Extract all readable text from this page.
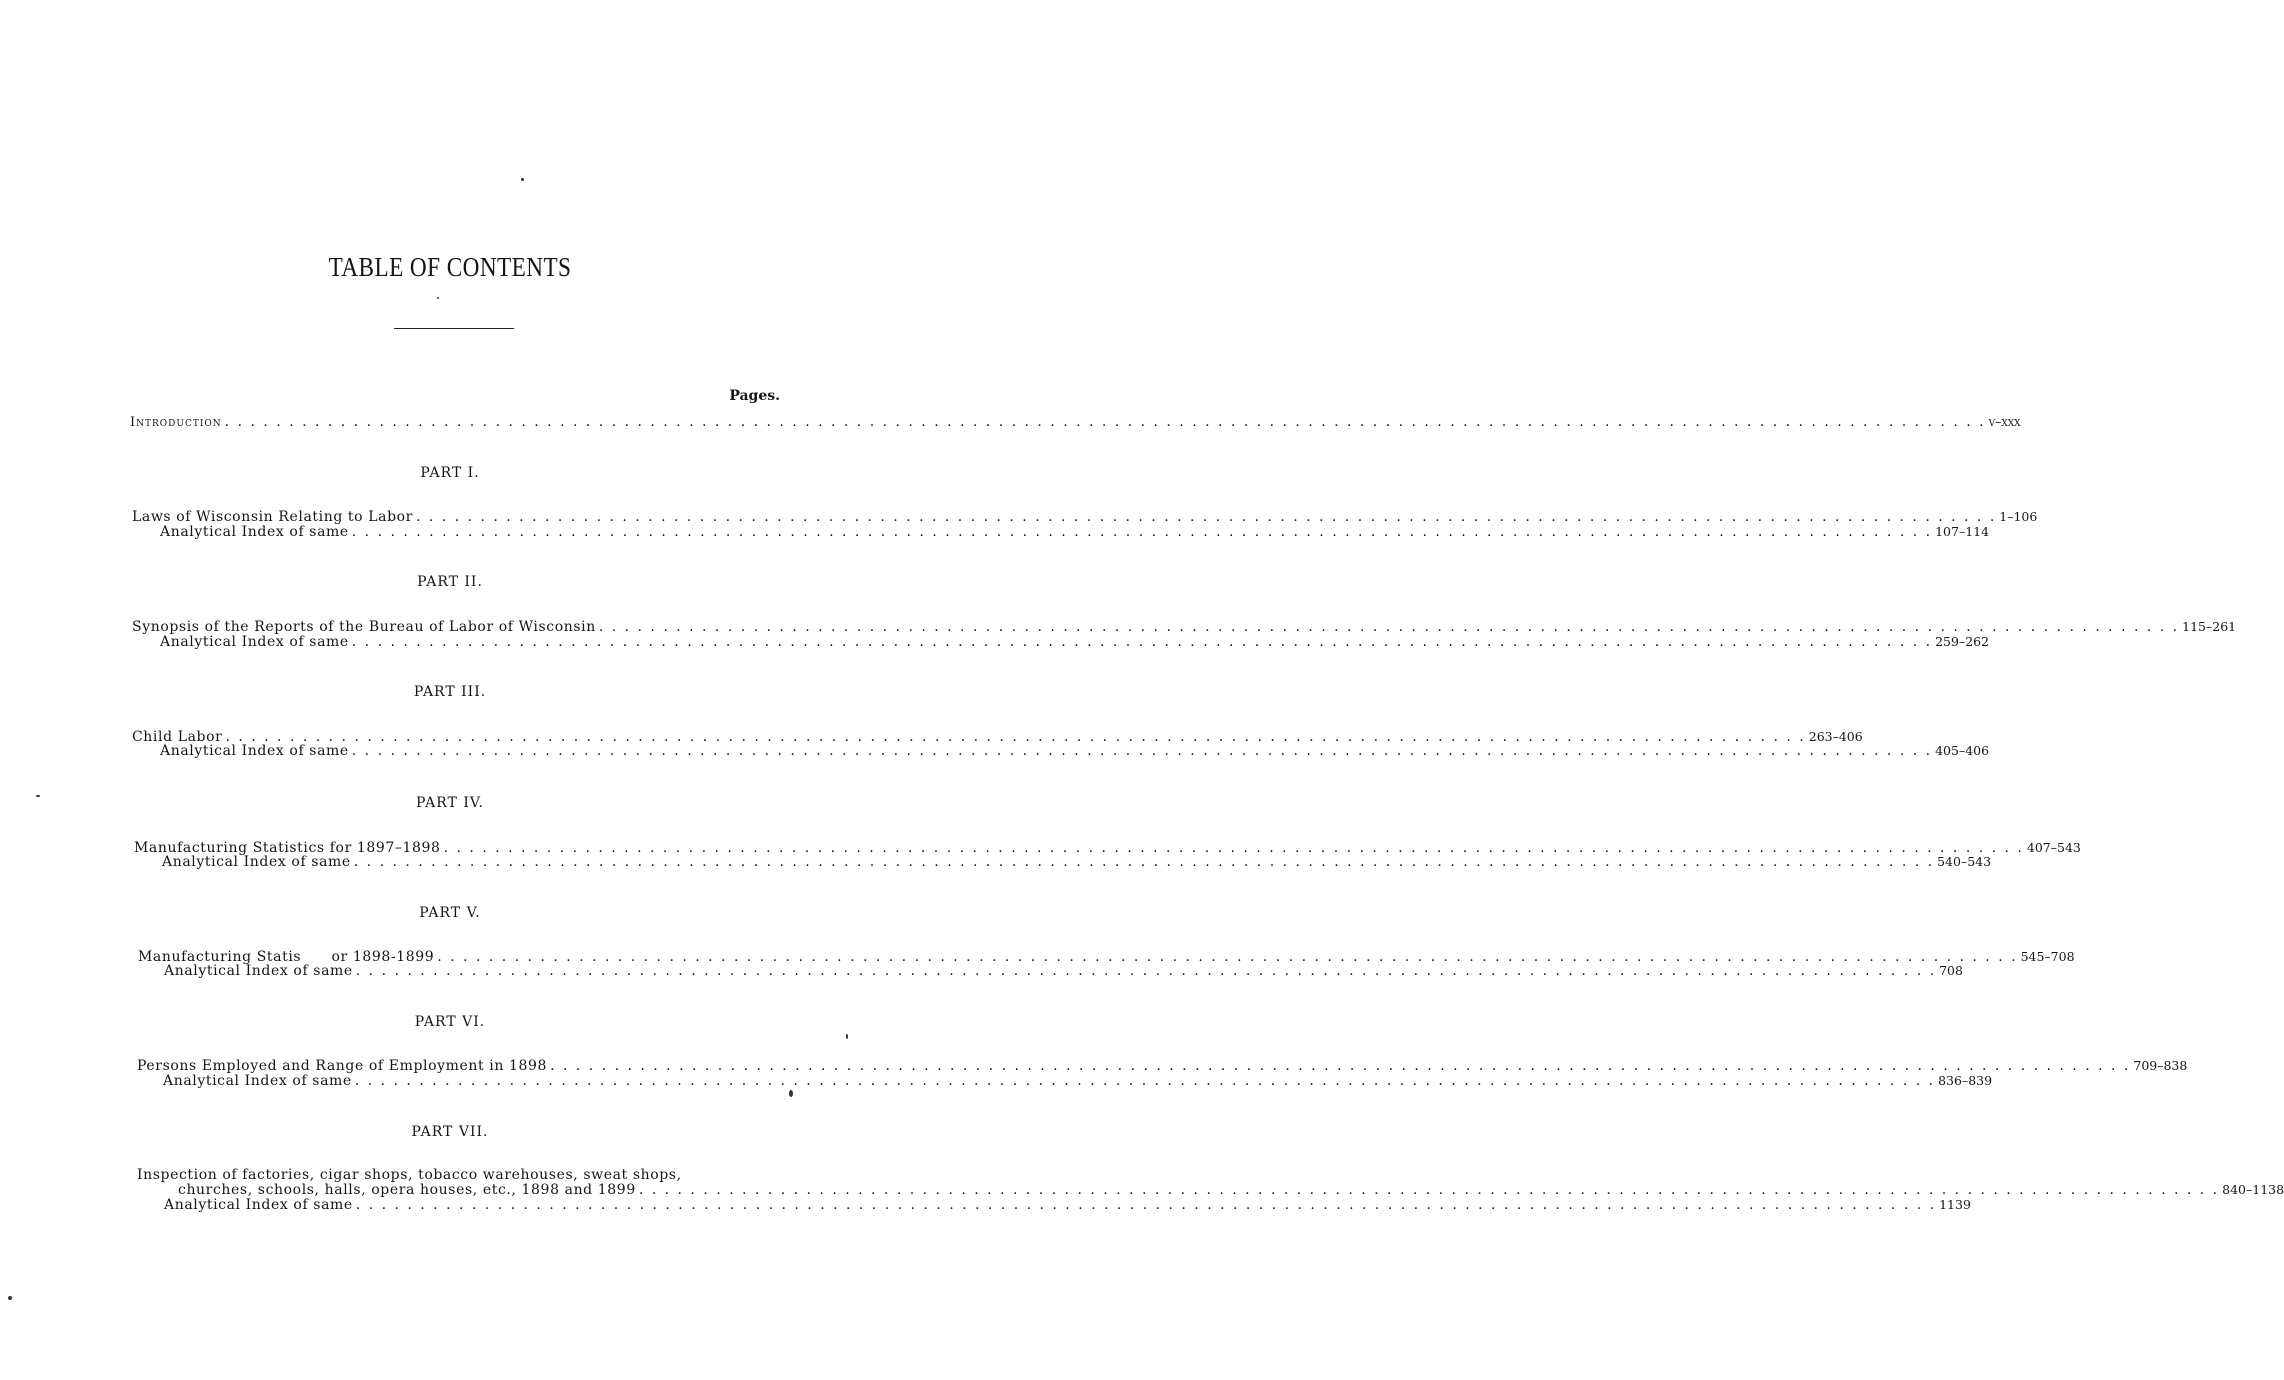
TABLE OF CONTENTS
Pages.
Introduction . . . . . . . . . . . . . . . . . . . . . . . . . . . . . . . . . . . . . . . . . . . . . . . . . . . . . . . . . . . . . . . . . . . . . . . . . . . . . . . . . . . . . . . . . . . . . . . . . . . . . . . . . . . . . . . . . . . . . . . . . . . . . . . . . . . . . . . . . v–xxx
PART I.
Laws of Wisconsin Relating to Labor . . . . . . . . . . . . . . . . . . . . . . . . . . . . . . . . . . . . . . . . . . . . . . . . . . . . . . . . . . . . . . . . . . . . . . . . . . . . . . . . . . . . . . . . . . . . . . . . . . . . . . . . . . . . . . . . . . . . . . . . . . . 1–106
Analytical Index of same . . . . . . . . . . . . . . . . . . . . . . . . . . . . . . . . . . . . . . . . . . . . . . . . . . . . . . . . . . . . . . . . . . . . . . . . . . . . . . . . . . . . . . . . . . . . . . . . . . . . . . . . . . . . . . . . . . . . . . . . . . . 107–114
PART II.
Synopsis of the Reports of the Bureau of Labor of Wisconsin . . . . . . . . . . . . . . . . . . . . . . . . . . . . . . . . . . . . . . . . . . . . . . . . . . . . . . . . . . . . . . . . . . . . . . . . . . . . . . . . . . . . . . . . . . . . . . . . . . . . . . . . . . . . . . . . . . . . . . . . . . . 115–261
Analytical Index of same . . . . . . . . . . . . . . . . . . . . . . . . . . . . . . . . . . . . . . . . . . . . . . . . . . . . . . . . . . . . . . . . . . . . . . . . . . . . . . . . . . . . . . . . . . . . . . . . . . . . . . . . . . . . . . . . . . . . . . . . . . . 259–262
PART III.
Child Labor . . . . . . . . . . . . . . . . . . . . . . . . . . . . . . . . . . . . . . . . . . . . . . . . . . . . . . . . . . . . . . . . . . . . . . . . . . . . . . . . . . . . . . . . . . . . . . . . . . . . . . . . . . . . . . . . . . . . . . . . . . . 263–406
Analytical Index of same . . . . . . . . . . . . . . . . . . . . . . . . . . . . . . . . . . . . . . . . . . . . . . . . . . . . . . . . . . . . . . . . . . . . . . . . . . . . . . . . . . . . . . . . . . . . . . . . . . . . . . . . . . . . . . . . . . . . . . . . . . . 405–406
PART IV.
Manufacturing Statistics for 1897–1898 . . . . . . . . . . . . . . . . . . . . . . . . . . . . . . . . . . . . . . . . . . . . . . . . . . . . . . . . . . . . . . . . . . . . . . . . . . . . . . . . . . . . . . . . . . . . . . . . . . . . . . . . . . . . . . . . . . . . . . . . . . . 407–543
Analytical Index of same . . . . . . . . . . . . . . . . . . . . . . . . . . . . . . . . . . . . . . . . . . . . . . . . . . . . . . . . . . . . . . . . . . . . . . . . . . . . . . . . . . . . . . . . . . . . . . . . . . . . . . . . . . . . . . . . . . . . . . . . . . . 540–543
PART V.
Manufacturing Statis      or 1898-1899 . . . . . . . . . . . . . . . . . . . . . . . . . . . . . . . . . . . . . . . . . . . . . . . . . . . . . . . . . . . . . . . . . . . . . . . . . . . . . . . . . . . . . . . . . . . . . . . . . . . . . . . . . . . . . . . . . . . . . . . . . . . 545–708
Analytical Index of same . . . . . . . . . . . . . . . . . . . . . . . . . . . . . . . . . . . . . . . . . . . . . . . . . . . . . . . . . . . . . . . . . . . . . . . . . . . . . . . . . . . . . . . . . . . . . . . . . . . . . . . . . . . . . . . . . . . . . . . . . . . 708
PART VI.
Persons Employed and Range of Employment in 1898 . . . . . . . . . . . . . . . . . . . . . . . . . . . . . . . . . . . . . . . . . . . . . . . . . . . . . . . . . . . . . . . . . . . . . . . . . . . . . . . . . . . . . . . . . . . . . . . . . . . . . . . . . . . . . . . . . . . . . . . . . . . 709–838
Analytical Index of same . . . . . . . . . . . . . . . . . . . . . . . . . . . . . . . . . . . . . . . . . . . . . . . . . . . . . . . . . . . . . . . . . . . . . . . . . . . . . . . . . . . . . . . . . . . . . . . . . . . . . . . . . . . . . . . . . . . . . . . . . . . 836–839
PART VII.
Inspection of factories, cigar shops, tobacco warehouses, sweat shops,
churches, schools, halls, opera houses, etc., 1898 and 1899 . . . . . . . . . . . . . . . . . . . . . . . . . . . . . . . . . . . . . . . . . . . . . . . . . . . . . . . . . . . . . . . . . . . . . . . . . . . . . . . . . . . . . . . . . . . . . . . . . . . . . . . . . . . . . . . . . . . . . . . . . . . 840–1138
Analytical Index of same . . . . . . . . . . . . . . . . . . . . . . . . . . . . . . . . . . . . . . . . . . . . . . . . . . . . . . . . . . . . . . . . . . . . . . . . . . . . . . . . . . . . . . . . . . . . . . . . . . . . . . . . . . . . . . . . . . . . . . . . . . . 1139
